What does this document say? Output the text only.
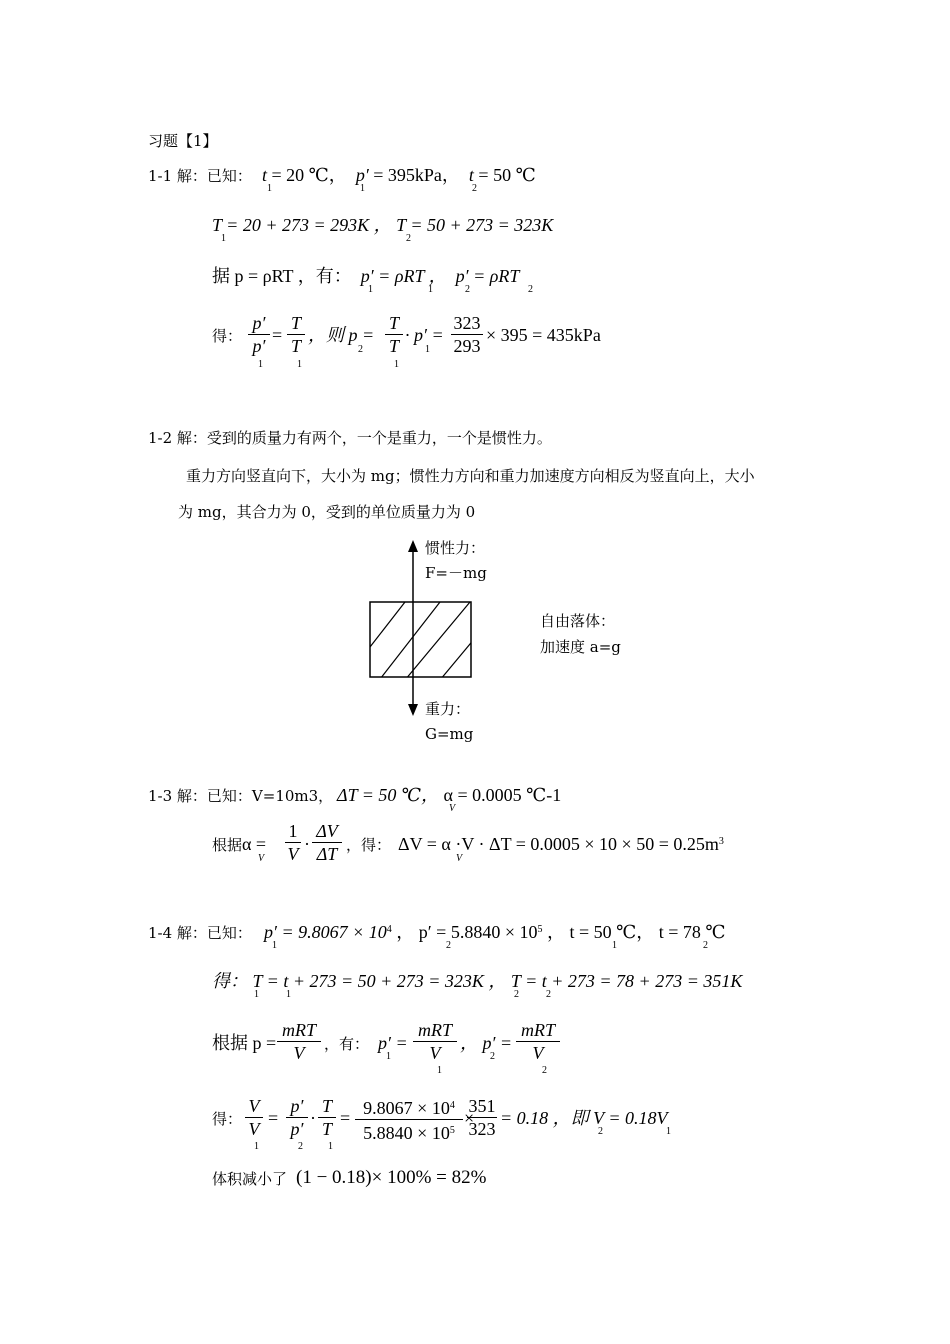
习题【1】
1-1 解：已知： t = 20 ℃， p′ = 395kPa， t = 50 ℃
1	1	2
T = 20 + 273 = 293K ， T = 50 + 273 = 323K
1	2
据 p = ρRT ，有： p′ = ρRT ， p′ = ρRT
1	1	2	2
得：
p′
p′
=
T
T
，则 p =
T
T
· p′ =
323
293
× 395 = 435kPa
1	1
2
1
1
1-2 解：受到的质量力有两个，一个是重力，一个是惯性力。
重力方向竖直向下，大小为 mg；惯性力方向和重力加速度方向相反为竖直向上，大小
为 mg，其合力为 0，受到的单位质量力为 0
惯性力：
F=－mg
自由落体：
加速度 a=g
重力：
G=mg
1-3 解：已知：V=10m3， ΔT = 50 ℃， α = 0.0005 ℃-1
V
根据 α =
V
1
V ·
ΔV
ΔT ，得： $\Delta V = \alpha \cdot V \cdot \Delta T = 0.0005 \times 10 \times 50 = 0.25m^3$
V
1-4 解：已知： $p' = 9.8067 \times 10^4$ ， $p' = 5.8840 \times 10^5$ ， t = 50 ℃， t = 78 ℃
1	2	1	2
得： T = t + 273 = 50 + 273 = 323K ， T = t + 273 = 78 + 273 = 351K
1	1	2	2
根据 p =
mRT
V	，有： p′ =
mRT
V	， p′ =
mRT
V
1
1
2
2
得：
V
V
=
p′
p′
·
T
T
= $9.8067 \times 10^4$
$5.8840 \times 10^5$
×
351
323
= 0.18 ，即 V = 0.18V
1	2	1
2	1
体积减小了 (1 − 0.18)× 100% = 82%
